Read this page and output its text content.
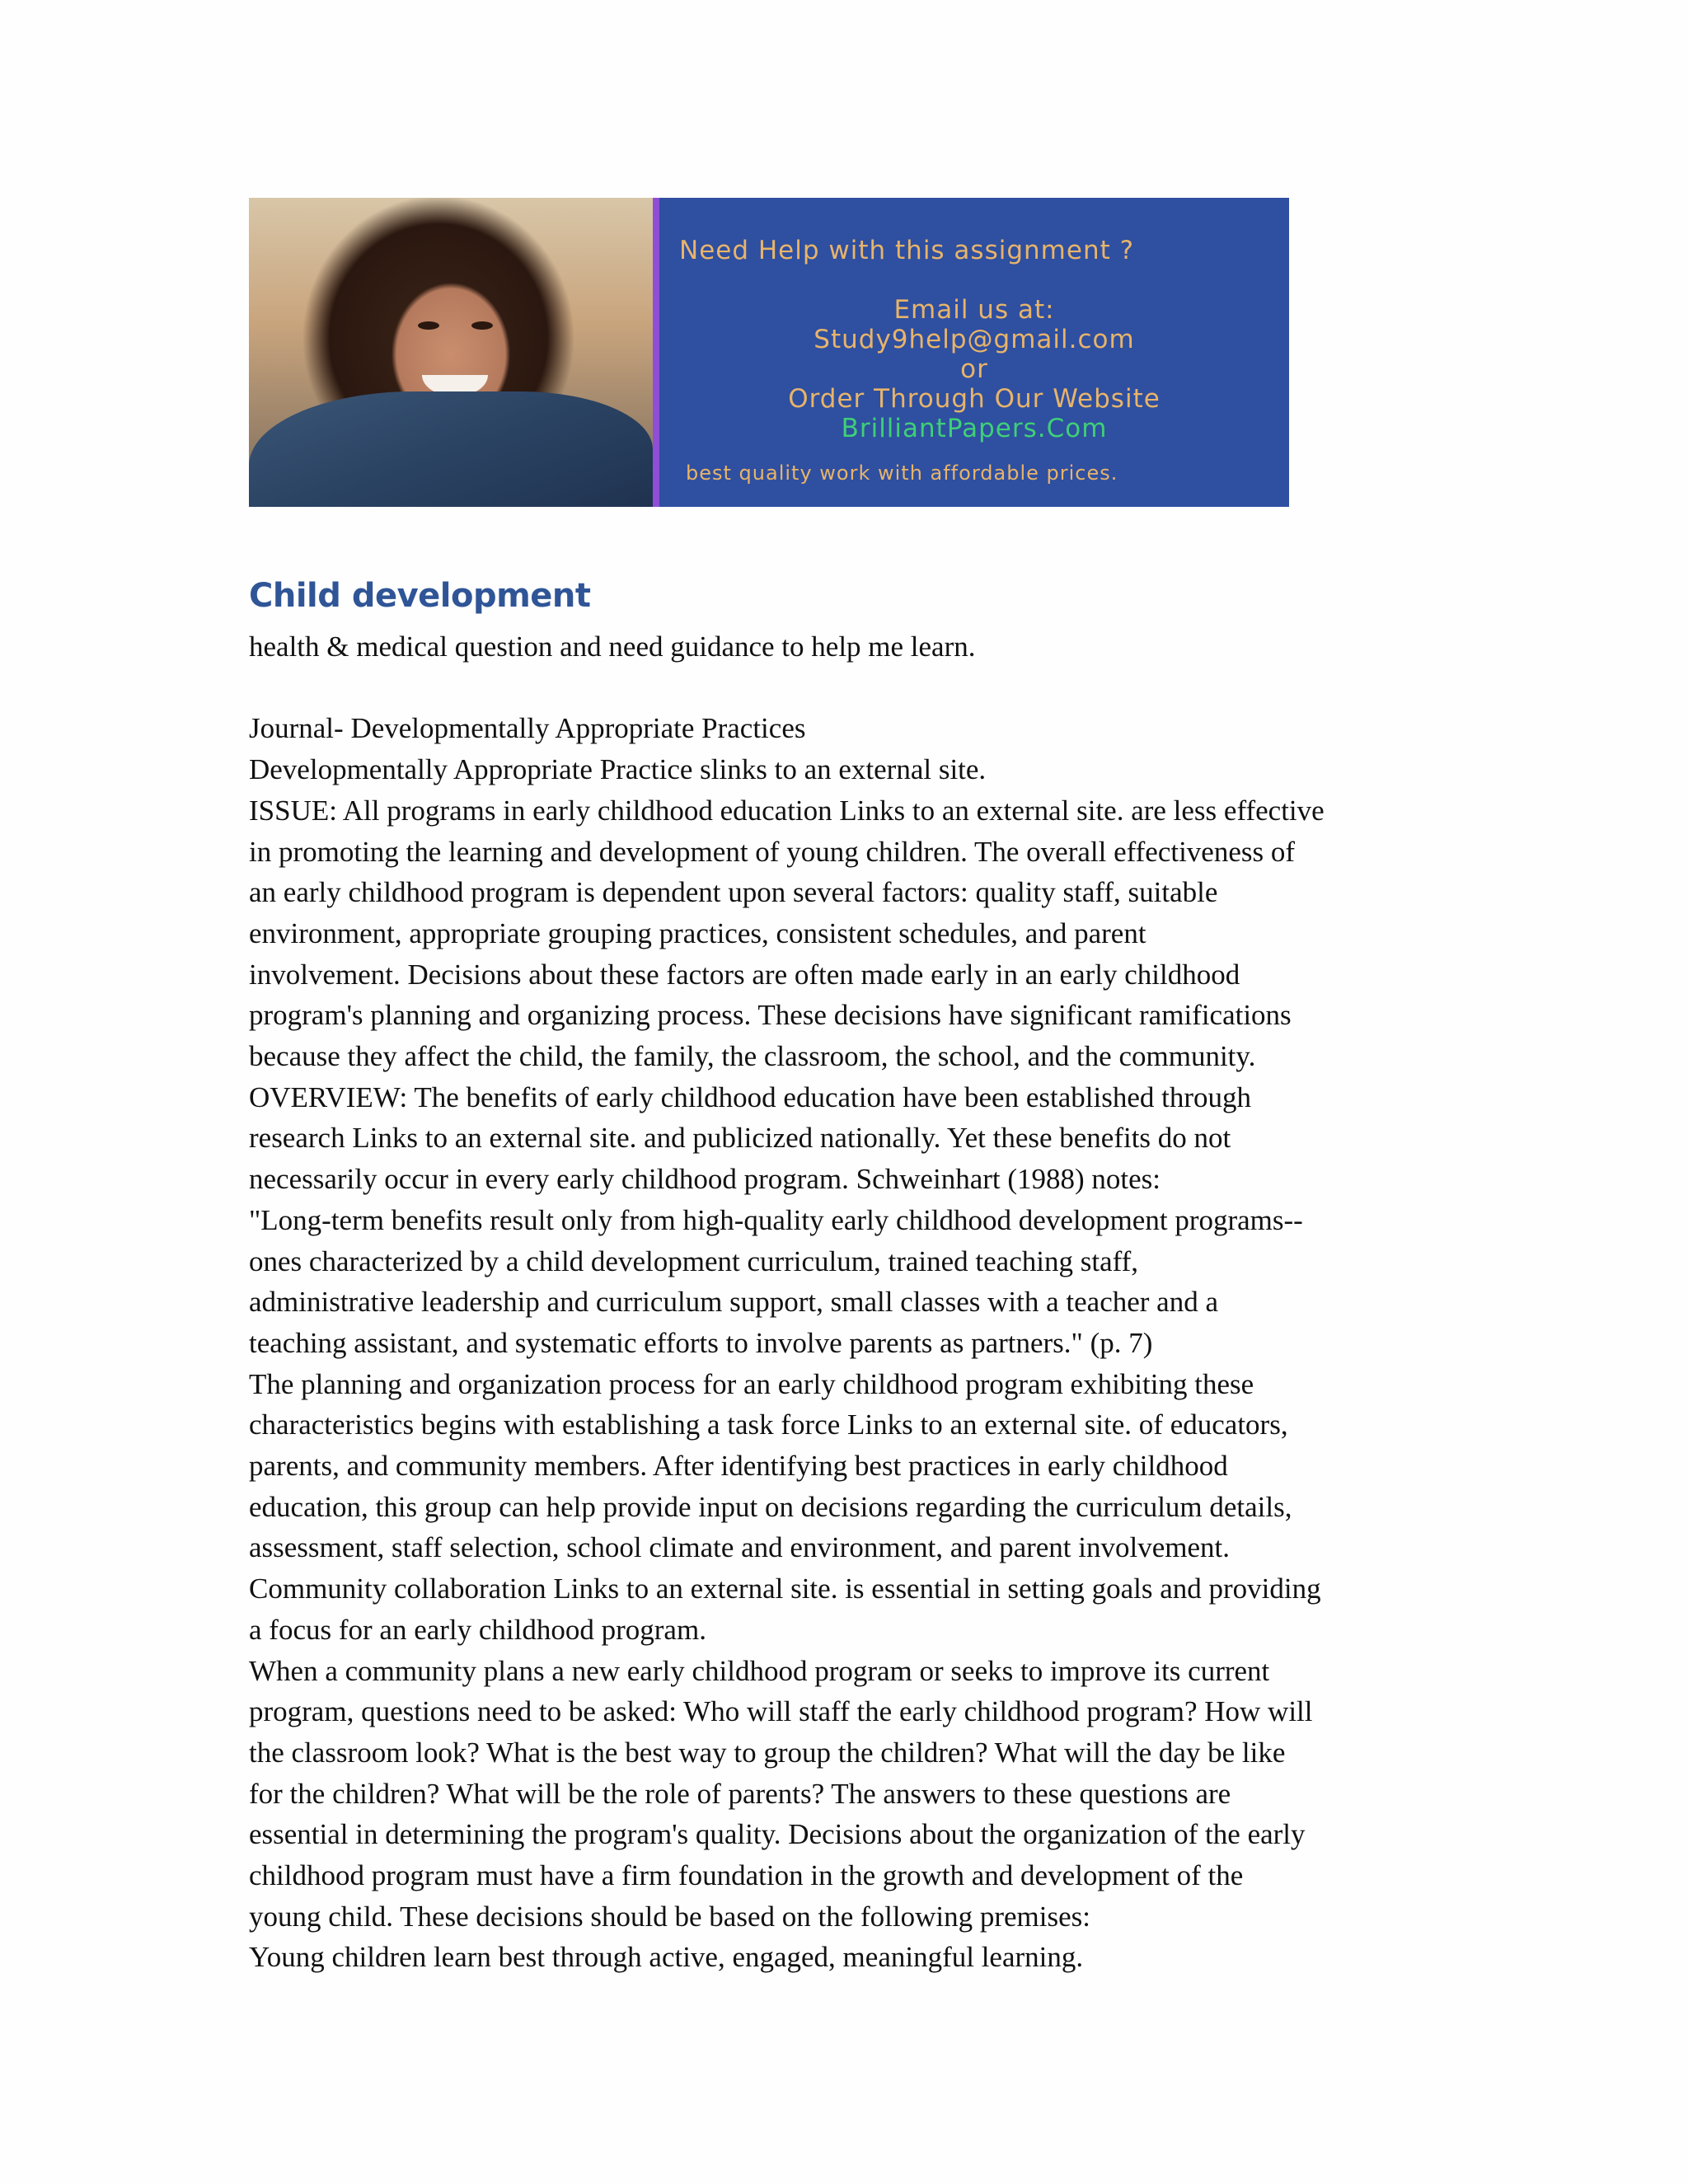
Need Help with this assignment ?
Email us at:
Study9help@gmail.com
or
Order Through Our Website
BrilliantPapers.Com
best quality work with affordable prices.
Child development

health & medical question and need guidance to help me learn.

Journal- Developmentally Appropriate Practices

Developmentally Appropriate Practice slinks to an external site.

ISSUE: All programs in early childhood education Links to an external site. are less effective

in promoting the learning and development of young children. The overall effectiveness of

an early childhood program is dependent upon several factors: quality staff, suitable

environment, appropriate grouping practices, consistent schedules, and parent

involvement. Decisions about these factors are often made early in an early childhood

program's planning and organizing process. These decisions have significant ramifications

because they affect the child, the family, the classroom, the school, and the community.

OVERVIEW: The benefits of early childhood education have been established through

research Links to an external site. and publicized nationally. Yet these benefits do not

necessarily occur in every early childhood program. Schweinhart (1988) notes:

"Long-term benefits result only from high-quality early childhood development programs--

ones characterized by a child development curriculum, trained teaching staff,

administrative leadership and curriculum support, small classes with a teacher and a

teaching assistant, and systematic efforts to involve parents as partners." (p. 7)

The planning and organization process for an early childhood program exhibiting these

characteristics begins with establishing a task force Links to an external site. of educators,

parents, and community members. After identifying best practices in early childhood

education, this group can help provide input on decisions regarding the curriculum details,

assessment, staff selection, school climate and environment, and parent involvement.

Community collaboration Links to an external site. is essential in setting goals and providing

a focus for an early childhood program.

When a community plans a new early childhood program or seeks to improve its current

program, questions need to be asked: Who will staff the early childhood program? How will

the classroom look? What is the best way to group the children? What will the day be like

for the children? What will be the role of parents? The answers to these questions are

essential in determining the program's quality. Decisions about the organization of the early

childhood program must have a firm foundation in the growth and development of the

young child. These decisions should be based on the following premises:

Young children learn best through active, engaged, meaningful learning.
